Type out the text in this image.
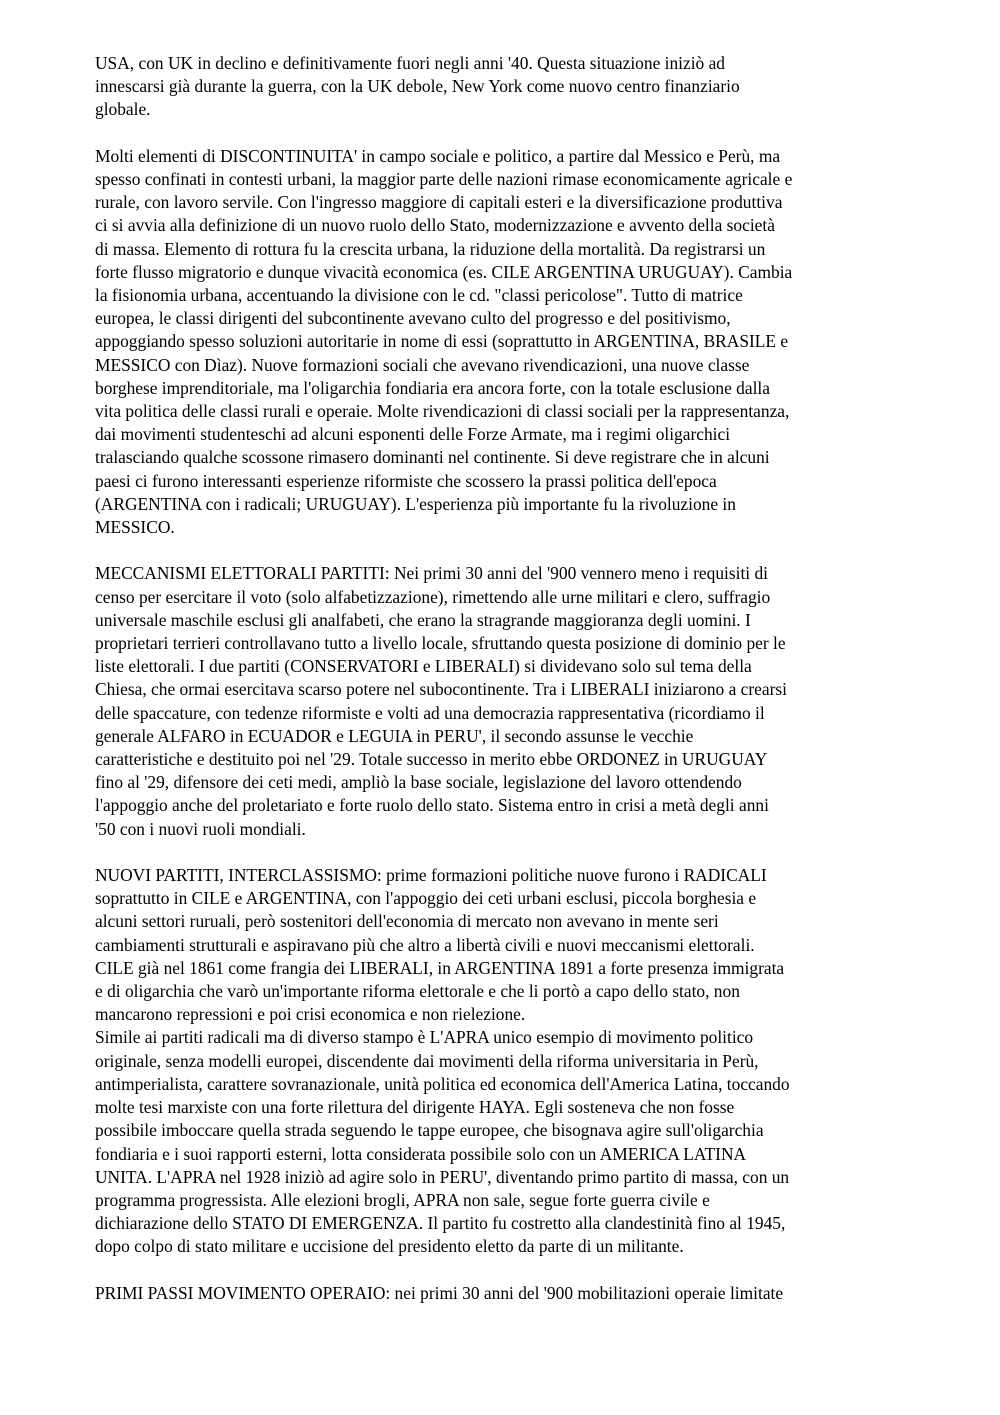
USA, con UK in declino e definitivamente fuori negli anni '40. Questa situazione iniziò ad
innescarsi già durante la guerra, con la UK debole, New York come nuovo centro finanziario
globale.

Molti elementi di DISCONTINUITA' in campo sociale e politico, a partire dal Messico e Perù, ma
spesso confinati in contesti urbani, la maggior parte delle nazioni rimase economicamente agricale e
rurale, con lavoro servile. Con l'ingresso maggiore di capitali esteri e la diversificazione produttiva
ci si avvia alla definizione di un nuovo ruolo dello Stato, modernizzazione e avvento della società
di massa. Elemento di rottura fu la crescita urbana, la riduzione della mortalità. Da registrarsi un
forte flusso migratorio e dunque vivacità economica (es. CILE ARGENTINA URUGUAY). Cambia
la fisionomia urbana, accentuando la divisione con le cd. "classi pericolose". Tutto di matrice
europea, le classi dirigenti del subcontinente avevano culto del progresso e del positivismo,
appoggiando spesso soluzioni autoritarie in nome di essi (soprattutto in ARGENTINA, BRASILE e
MESSICO con Dìaz). Nuove formazioni sociali che avevano rivendicazioni, una nuove classe
borghese imprenditoriale, ma l'oligarchia fondiaria era ancora forte, con la totale esclusione dalla
vita politica delle classi rurali e operaie. Molte rivendicazioni di classi sociali per la rappresentanza,
dai movimenti studenteschi ad alcuni esponenti delle Forze Armate, ma i regimi oligarchici
tralasciando qualche scossone rimasero dominanti nel continente. Si deve registrare che in alcuni
paesi ci furono interessanti esperienze riformiste che scossero la prassi politica dell'epoca
(ARGENTINA con i radicali; URUGUAY). L'esperienza più importante fu la rivoluzione in
MESSICO.

MECCANISMI ELETTORALI PARTITI: Nei primi 30 anni del '900 vennero meno i requisiti di
censo per esercitare il voto (solo alfabetizzazione), rimettendo alle urne militari e clero, suffragio
universale maschile esclusi gli analfabeti, che erano la stragrande maggioranza degli uomini. I
proprietari terrieri controllavano tutto a livello locale, sfruttando questa posizione di dominio per le
liste elettorali. I due partiti (CONSERVATORI e LIBERALI) si dividevano solo sul tema della
Chiesa, che ormai esercitava scarso potere nel subocontinente. Tra i LIBERALI iniziarono a crearsi
delle spaccature, con tedenze riformiste e volti ad una democrazia rappresentativa (ricordiamo il
generale ALFARO in ECUADOR e LEGUIA in PERU', il secondo assunse le vecchie
caratteristiche e destituito poi nel '29. Totale successo in merito ebbe ORDONEZ in URUGUAY
fino al '29, difensore dei ceti medi, ampliò la base sociale, legislazione del lavoro ottendendo
l'appoggio anche del proletariato e forte ruolo dello stato. Sistema entro in crisi a metà degli anni
'50 con i nuovi ruoli mondiali.

NUOVI PARTITI, INTERCLASSISMO: prime formazioni politiche nuove furono i RADICALI
soprattutto in CILE e ARGENTINA, con l'appoggio dei ceti urbani esclusi, piccola borghesia e
alcuni settori ruruali, però sostenitori dell'economia di mercato non avevano in mente seri
cambiamenti strutturali e aspiravano più che altro a libertà civili e nuovi meccanismi elettorali.
CILE già nel 1861 come frangia dei LIBERALI, in ARGENTINA 1891 a forte presenza immigrata
e di oligarchia che varò un'importante riforma elettorale e che li portò a capo dello stato, non
mancarono repressioni e poi crisi economica e non rielezione.

Simile ai partiti radicali ma di diverso stampo è L'APRA unico esempio di movimento politico
originale, senza modelli europei, discendente dai movimenti della riforma universitaria in Perù,
antimperialista, carattere sovranazionale, unità politica ed economica dell'America Latina, toccando
molte tesi marxiste con una forte rilettura del dirigente HAYA. Egli sosteneva che non fosse
possibile imboccare quella strada seguendo le tappe europee, che bisognava agire sull'oligarchia
fondiaria e i suoi rapporti esterni, lotta considerata possibile solo con un AMERICA LATINA
UNITA. L'APRA nel 1928 iniziò ad agire solo in PERU', diventando primo partito di massa, con un
programma progressista. Alle elezioni brogli, APRA non sale, segue forte guerra civile e
dichiarazione dello STATO DI EMERGENZA. Il partito fu costretto alla clandestinità fino al 1945,
dopo colpo di stato militare e uccisione del presidento eletto da parte di un militante.

PRIMI PASSI MOVIMENTO OPERAIO: nei primi 30 anni del '900 mobilitazioni operaie limitate
